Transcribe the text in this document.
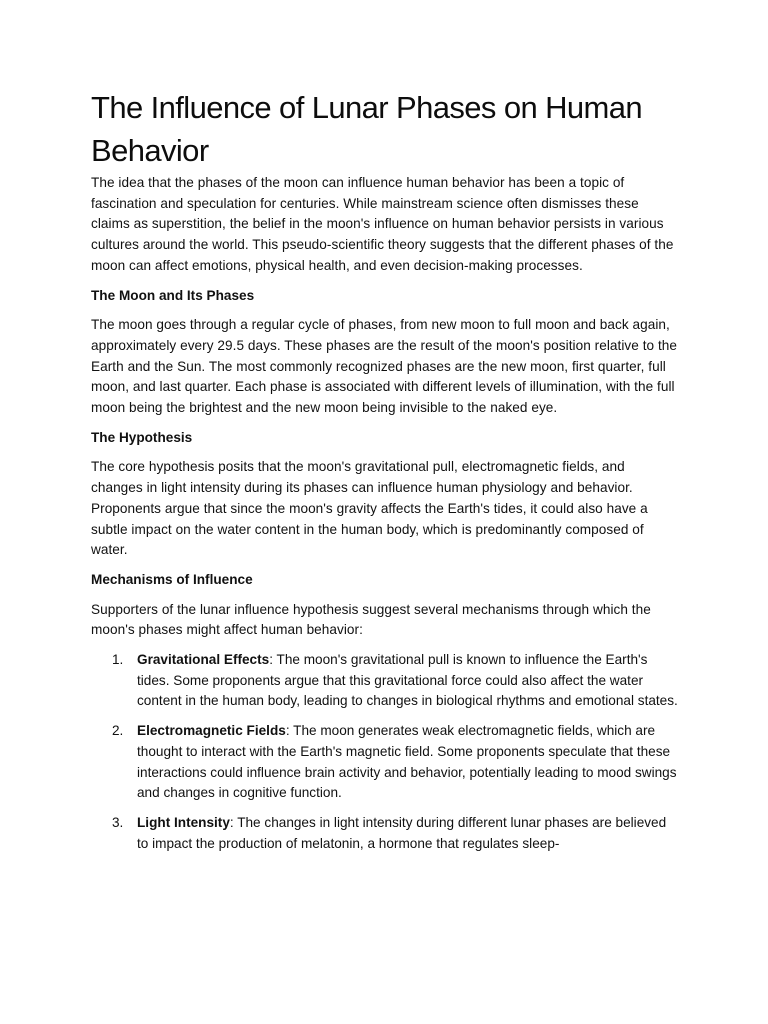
The Influence of Lunar Phases on Human Behavior

The idea that the phases of the moon can influence human behavior has been a topic of fascination and speculation for centuries. While mainstream science often dismisses these claims as superstition, the belief in the moon's influence on human behavior persists in various cultures around the world. This pseudo-scientific theory suggests that the different phases of the moon can affect emotions, physical health, and even decision-making processes.

The Moon and Its Phases

The moon goes through a regular cycle of phases, from new moon to full moon and back again, approximately every 29.5 days. These phases are the result of the moon's position relative to the Earth and the Sun. The most commonly recognized phases are the new moon, first quarter, full moon, and last quarter. Each phase is associated with different levels of illumination, with the full moon being the brightest and the new moon being invisible to the naked eye.

The Hypothesis

The core hypothesis posits that the moon's gravitational pull, electromagnetic fields, and changes in light intensity during its phases can influence human physiology and behavior. Proponents argue that since the moon's gravity affects the Earth's tides, it could also have a subtle impact on the water content in the human body, which is predominantly composed of water.

Mechanisms of Influence

Supporters of the lunar influence hypothesis suggest several mechanisms through which the moon's phases might affect human behavior:

1. Gravitational Effects: The moon's gravitational pull is known to influence the Earth's tides. Some proponents argue that this gravitational force could also affect the water content in the human body, leading to changes in biological rhythms and emotional states.
2. Electromagnetic Fields: The moon generates weak electromagnetic fields, which are thought to interact with the Earth's magnetic field. Some proponents speculate that these interactions could influence brain activity and behavior, potentially leading to mood swings and changes in cognitive function.
3. Light Intensity: The changes in light intensity during different lunar phases are believed to impact the production of melatonin, a hormone that regulates sleep-
